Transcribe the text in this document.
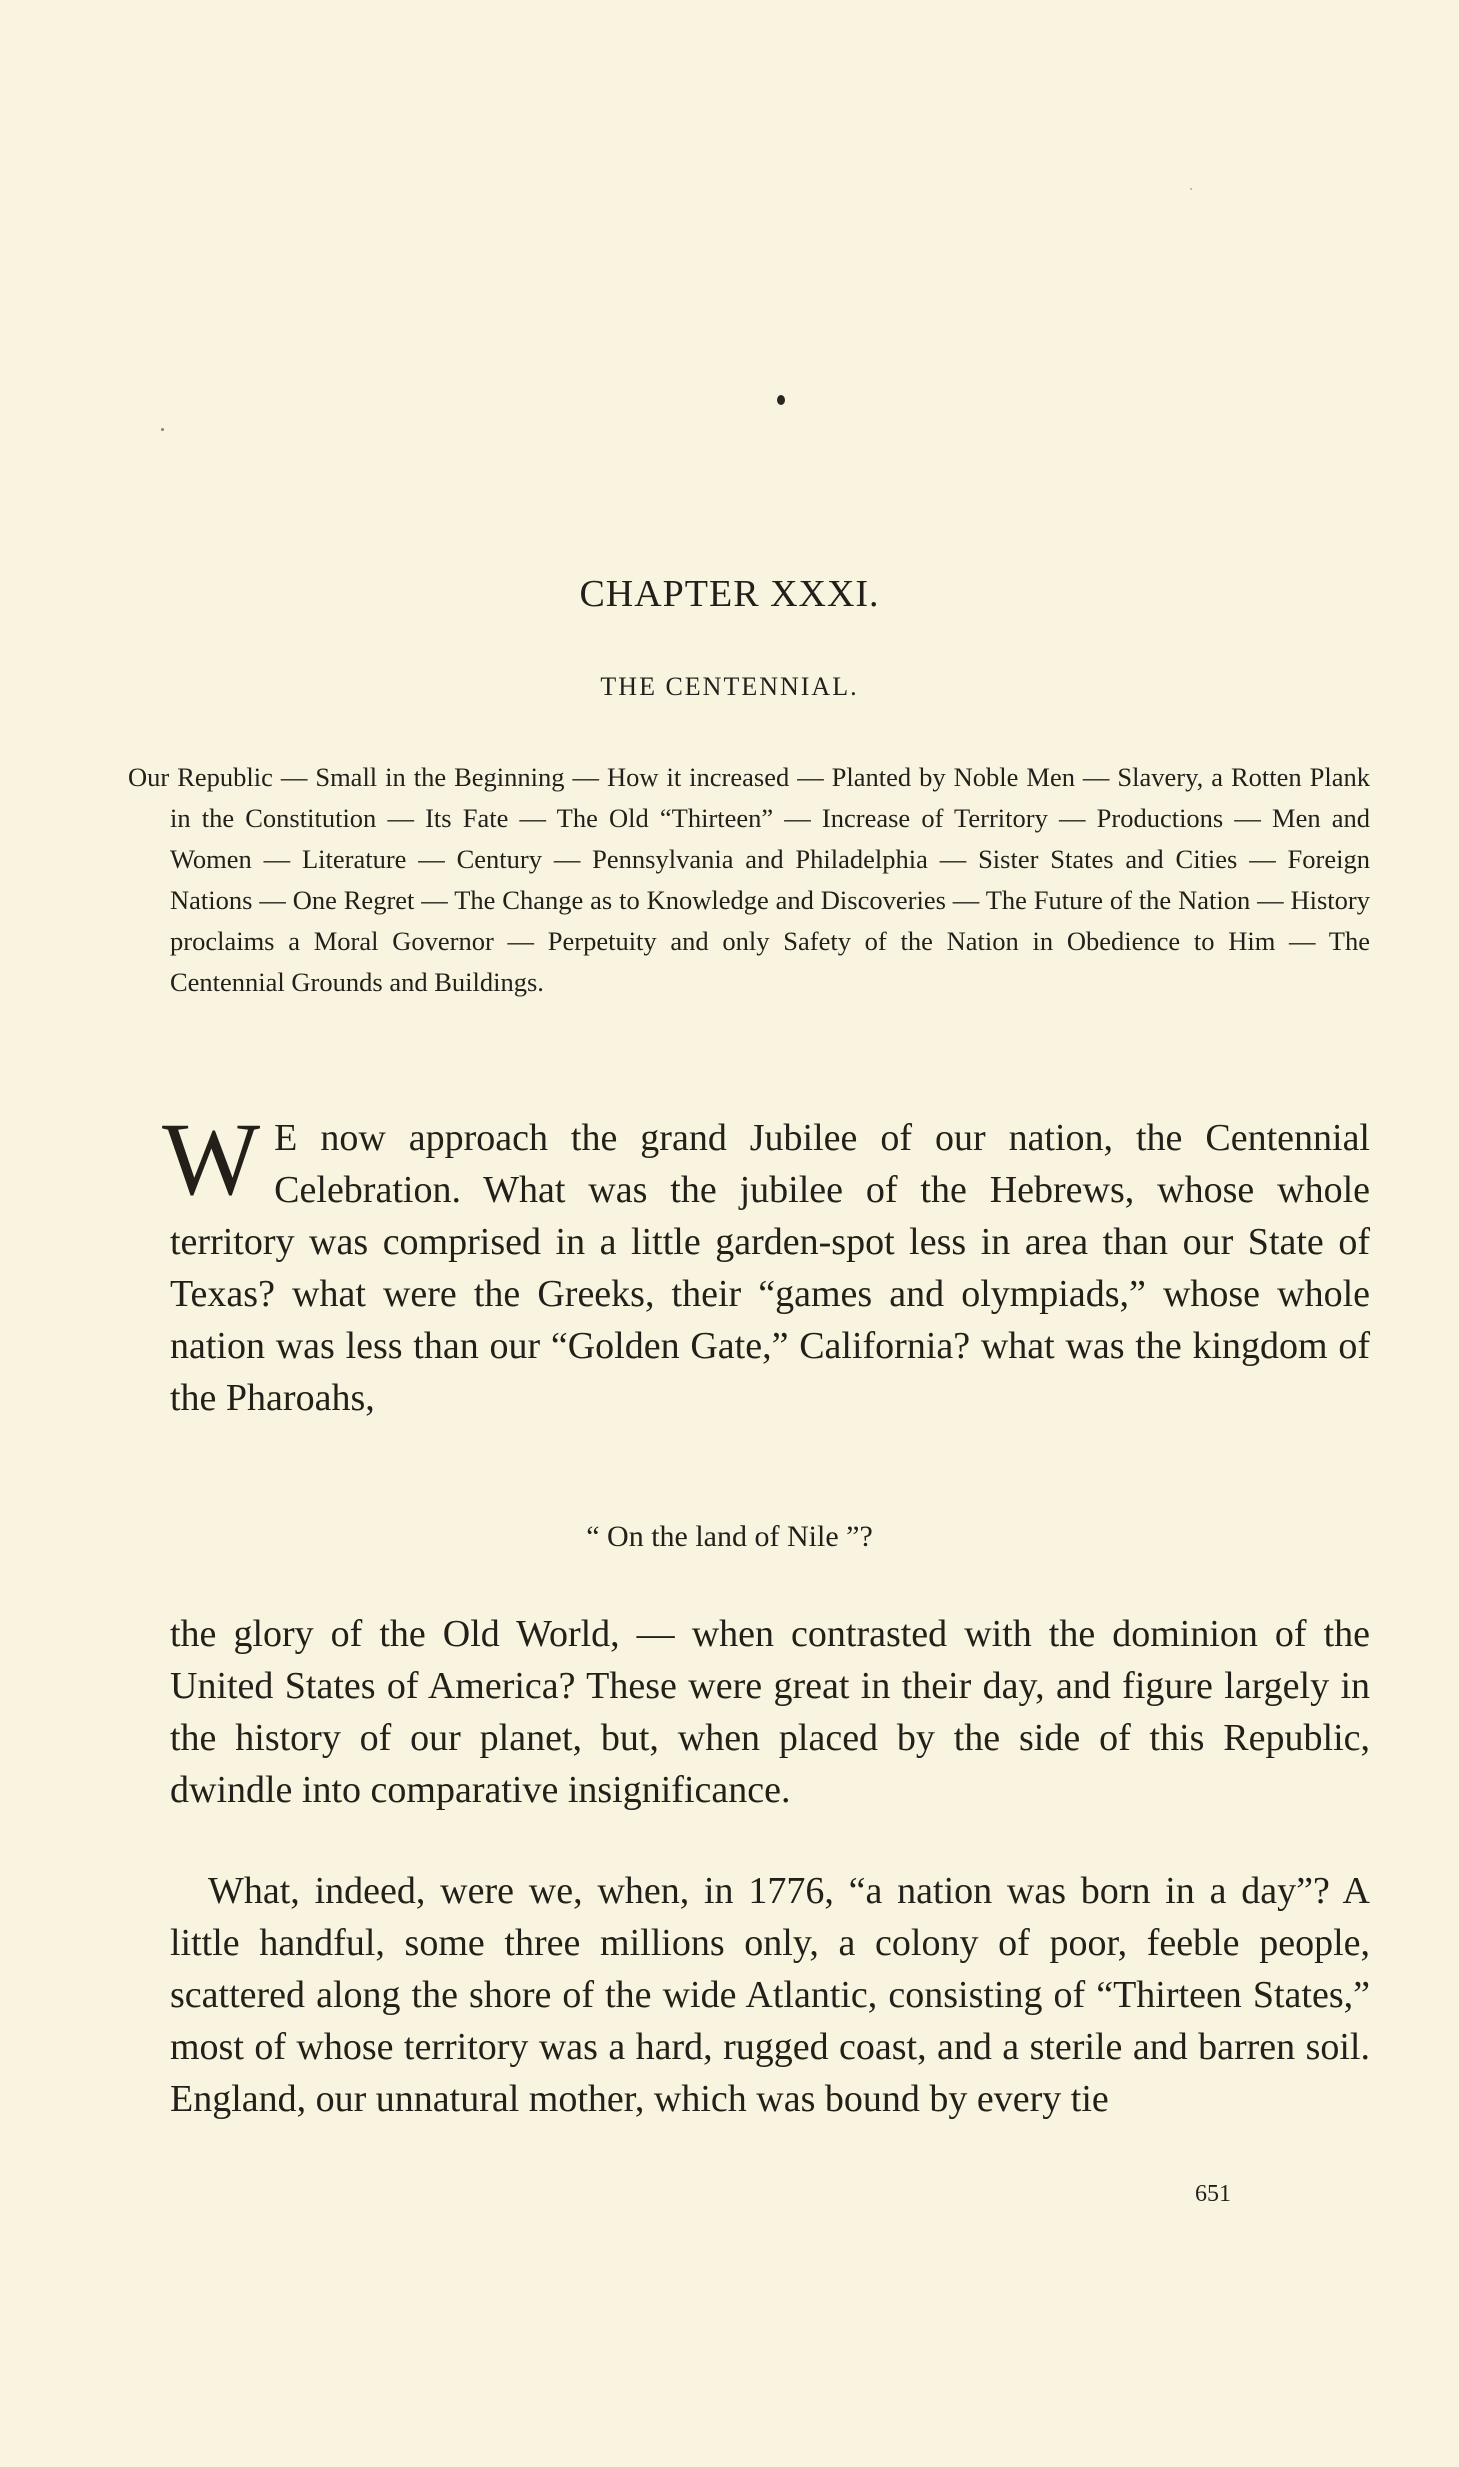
CHAPTER XXXI.
THE CENTENNIAL.
Our Republic — Small in the Beginning — How it increased — Planted by Noble Men — Slavery, a Rotten Plank in the Constitution — Its Fate — The Old “Thirteen” — Increase of Territory — Productions — Men and Women — Literature — Century — Pennsylvania and Philadelphia — Sister States and Cities — Foreign Nations — One Regret — The Change as to Knowledge and Discoveries — The Future of the Nation — History proclaims a Moral Governor — Perpetuity and only Safety of the Nation in Obedience to Him — The Centennial Grounds and Buildings.
W E now approach the grand Jubilee of our nation, the Centennial Celebration. What was the jubilee of the Hebrews, whose whole territory was comprised in a little garden-spot less in area than our State of Texas? what were the Greeks, their “games and olympiads,” whose whole nation was less than our “Golden Gate,” California? what was the kingdom of the Pharoahs,
“ On the land of Nile ”?
the glory of the Old World, — when contrasted with the dominion of the United States of America? These were great in their day, and figure largely in the history of our planet, but, when placed by the side of this Republic, dwindle into comparative insignificance.
What, indeed, were we, when, in 1776, “a nation was born in a day”? A little handful, some three millions only, a colony of poor, feeble people, scattered along the shore of the wide Atlantic, consisting of “Thirteen States,” most of whose territory was a hard, rugged coast, and a sterile and barren soil. England, our unnatural mother, which was bound by every tie
651
